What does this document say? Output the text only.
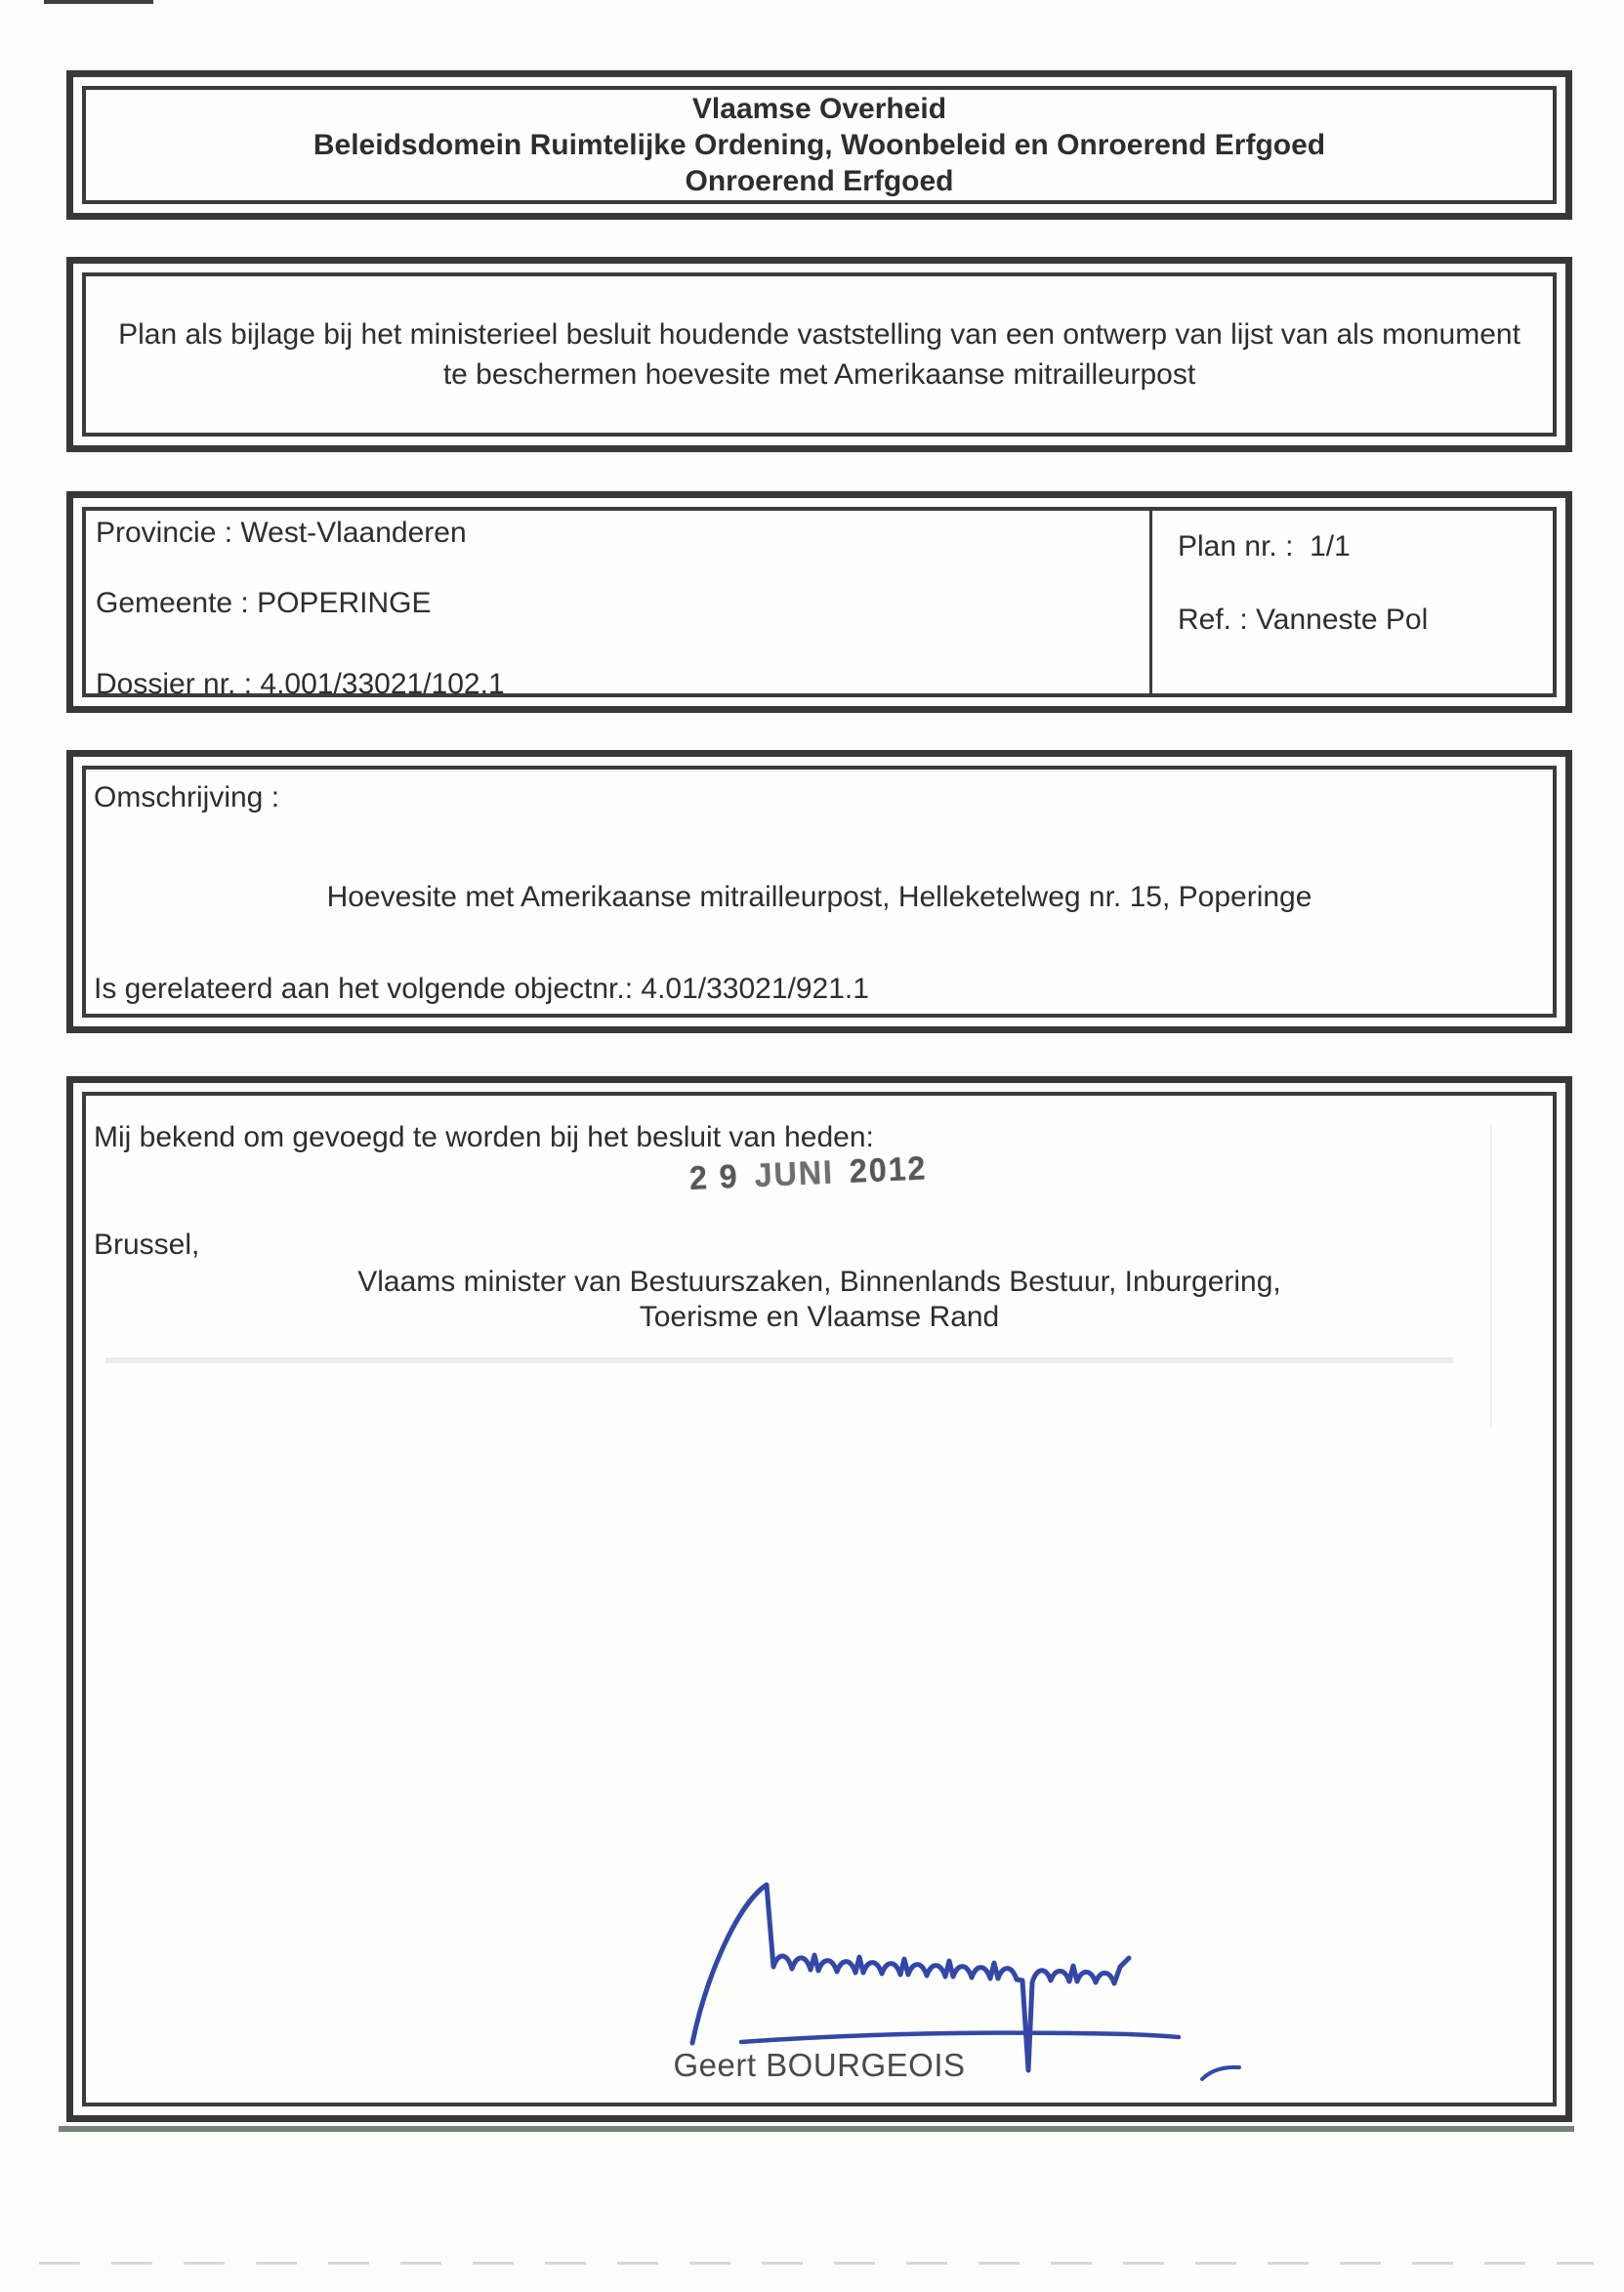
Vlaamse Overheid
Beleidsdomein Ruimtelijke Ordening, Woonbeleid en Onroerend Erfgoed
Onroerend Erfgoed
Plan als bijlage bij het ministerieel besluit houdende vaststelling van een ontwerp van lijst van als monument te beschermen hoevesite met Amerikaanse mitrailleurpost
Provincie : West-Vlaanderen
Gemeente : POPERINGE
Dossier nr. : 4.001/33021/102.1
Plan nr. :  1/1
Ref. : Vanneste Pol
Omschrijving :
Hoevesite met Amerikaanse mitrailleurpost, Helleketelweg nr. 15, Poperinge
Is gerelateerd aan het volgende objectnr.: 4.01/33021/921.1
Mij bekend om gevoegd te worden bij het besluit van heden:
2 9 JUNI 2012
Brussel,
Vlaams minister van Bestuurszaken, Binnenlands Bestuur, Inburgering,
Toerisme en Vlaamse Rand
Geert BOURGEOIS
